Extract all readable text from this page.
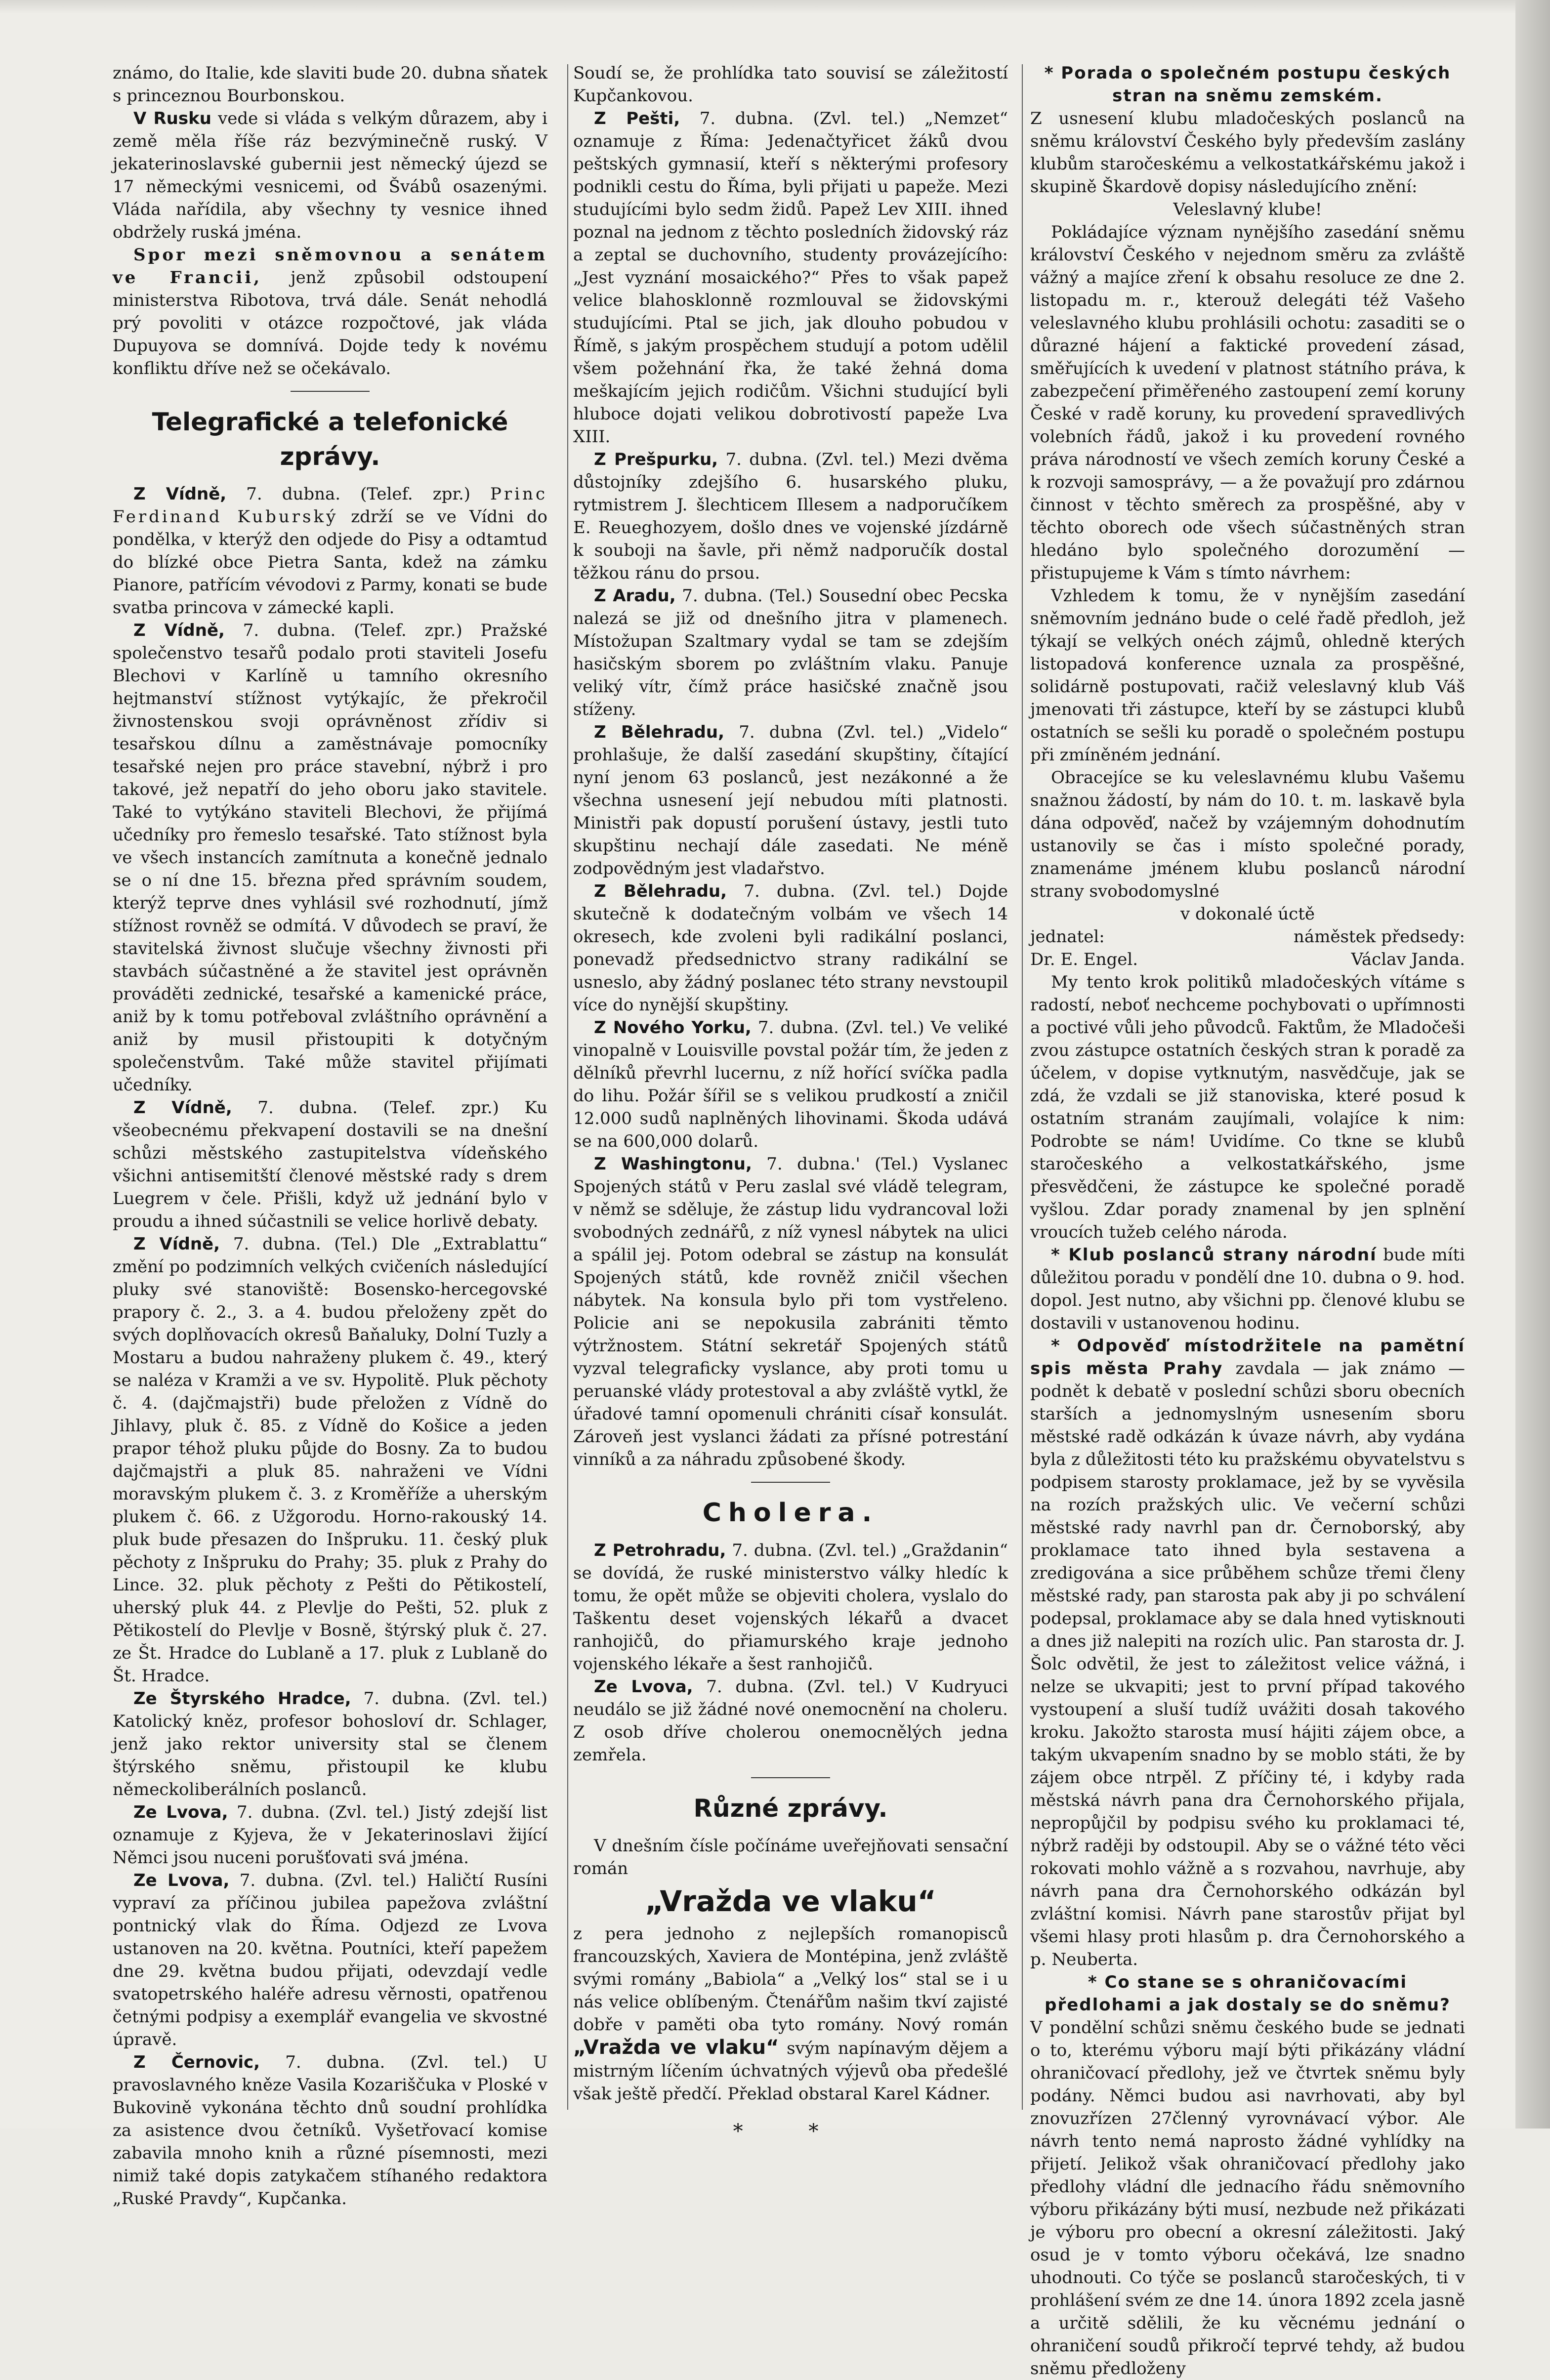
známo, do Italie, kde slaviti bude 20. dubna sňatek s princeznou Bourbonskou.

V Rusku vede si vláda s velkým důrazem, aby i země měla říše ráz bezvýminečně ruský. V jekaterinoslavské gubernii jest německý újezd se 17 německými vesnicemi, od Švábů osazenými. Vláda nařídila, aby všechny ty vesnice ihned obdržely ruská jména.

Spor mezi sněmovnou a senátem ve Francii, jenž způsobil odstoupení ministerstva Ribotova, trvá dále. Senát nehodlá prý povoliti v otázce rozpočtové, jak vláda Dupuyova se domnívá. Dojde tedy k novému konfliktu dříve než se očekávalo.

Telegrafické a telefonické zprávy.

Z Vídně, 7. dubna. (Telef. zpr.) Princ Ferdinand Kuburský zdrží se ve Vídni do pondělka, v kterýž den odjede do Pisy a odtamtud do blízké obce Pietra Santa, kdež na zámku Pianore, patřícím vévodovi z Parmy, konati se bude svatba princova v zámecké kapli.

Z Vídně, 7. dubna. (Telef. zpr.) Pražské společenstvo tesařů podalo proti staviteli Josefu Blechovi v Karlíně u tamního okresního hejtmanství stížnost vytýkajíc, že překročil živnostenskou svoji oprávněnost zřídiv si tesařskou dílnu a zaměstnávaje pomocníky tesařské nejen pro práce stavební, nýbrž i pro takové, jež nepatří do jeho oboru jako stavitele. Také to vytýkáno staviteli Blechovi, že přijímá učedníky pro řemeslo tesařské. Tato stížnost byla ve všech instancích zamítnuta a konečně jednalo se o ní dne 15. března před správním soudem, kterýž teprve dnes vyhlásil své rozhodnutí, jímž stížnost rovněž se odmítá. V důvodech se praví, že stavitelská živnost slučuje všechny živnosti při stavbách súčastněné a že stavitel jest oprávněn prováděti zednické, tesařské a kamenické práce, aniž by k tomu potřeboval zvláštního oprávnění a aniž by musil přistoupiti k dotyčným společenstvům. Také může stavitel přijímati učedníky.

Z Vídně, 7. dubna. (Telef. zpr.) Ku všeobecnému překvapení dostavili se na dnešní schůzi městského zastupitelstva vídeňského všichni antisemitští členové městské rady s drem Luegrem v čele. Přišli, když už jednání bylo v proudu a ihned súčastnili se velice horlivě debaty.

Z Vídně, 7. dubna. (Tel.) Dle „Extrablattu“ změní po podzimních velkých cvičeních následující pluky své stanoviště: Bosensko-hercegovské prapory č. 2., 3. a 4. budou přeloženy zpět do svých doplňovacích okresů Baňaluky, Dolní Tuzly a Mostaru a budou nahraženy plukem č. 49., který se naléza v Kramži a ve sv. Hypolitě. Pluk pěchoty č. 4. (dajčmajstři) bude přeložen z Vídně do Jihlavy, pluk č. 85. z Vídně do Košice a jeden prapor téhož pluku půjde do Bosny. Za to budou dajčmajstři a pluk 85. nahraženi ve Vídni moravským plukem č. 3. z Kroměříže a uherským plukem č. 66. z Užgorodu. Horno-rakouský 14. pluk bude přesazen do Inšpruku. 11. český pluk pěchoty z Inšpruku do Prahy; 35. pluk z Prahy do Lince. 32. pluk pěchoty z Pešti do Pětikostelí, uherský pluk 44. z Plevlje do Pešti, 52. pluk z Pětikostelí do Plevlje v Bosně, štýrský pluk č. 27. ze Št. Hradce do Lublaně a 17. pluk z Lublaně do Št. Hradce.

Ze Štyrského Hradce, 7. dubna. (Zvl. tel.) Katolický kněz, profesor bohosloví dr. Schlager, jenž jako rektor university stal se členem štýrského sněmu, přistoupil ke klubu německoliberálních poslanců.

Ze Lvova, 7. dubna. (Zvl. tel.) Jistý zdejší list oznamuje z Kyjeva, že v Jekaterinoslavi žijící Němci jsou nuceni porušťovati svá jména.

Ze Lvova, 7. dubna. (Zvl. tel.) Haličtí Rusíni vypraví za příčinou jubilea papežova zvláštní pontnický vlak do Říma. Odjezd ze Lvova ustanoven na 20. května. Poutníci, kteří papežem dne 29. května budou přijati, odevzdají vedle svatopetrského haléře adresu věrnosti, opatřenou četnými podpisy a exemplář evangelia ve skvostné úpravě.

Z Černovic, 7. dubna. (Zvl. tel.) U pravoslavného kněze Vasila Kozariščuka v Ploské v Bukovině vykonána těchto dnů soudní prohlídka za asistence dvou četníků. Vyšetřovací komise zabavila mnoho knih a různé písemnosti, mezi nimiž také dopis zatykačem stíhaného redaktora „Ruské Pravdy“, Kupčanka.

Soudí se, že prohlídka tato souvisí se záležitostí Kupčankovou.

Z Pešti, 7. dubna. (Zvl. tel.) „Nemzet“ oznamuje z Říma: Jedenačtyřicet žáků dvou peštských gymnasií, kteří s některými profesory podnikli cestu do Říma, byli přijati u papeže. Mezi studujícími bylo sedm židů. Papež Lev XIII. ihned poznal na jednom z těchto posledních židovský ráz a zeptal se duchovního, studenty provázejícího: „Jest vyznání mosaického?“ Přes to však papež velice blahosklonně rozmlouval se židovskými studujícími. Ptal se jich, jak dlouho pobudou v Římě, s jakým prospěchem studují a potom udělil všem požehnání řka, že také žehná doma meškajícím jejich rodičům. Všichni studující byli hluboce dojati velikou dobrotivostí papeže Lva XIII.

Z Prešpurku, 7. dubna. (Zvl. tel.) Mezi dvěma důstojníky zdejšího 6. husarského pluku, rytmistrem J. šlechticem Illesem a nadporučíkem E. Reueghozyem, došlo dnes ve vojenské jízdárně k souboji na šavle, při němž nadporučík dostal těžkou ránu do prsou.

Z Aradu, 7. dubna. (Tel.) Sousední obec Pecska nalezá se již od dnešního jitra v plamenech. Místožupan Szaltmary vydal se tam se zdejším hasičským sborem po zvláštním vlaku. Panuje veliký vítr, čímž práce hasičské značně jsou stíženy.

Z Bělehradu, 7. dubna (Zvl. tel.) „Videlo“ prohlašuje, že další zasedání skupštiny, čítající nyní jenom 63 poslanců, jest nezákonné a že všechna usnesení její nebudou míti platnosti. Ministři pak dopustí porušení ústavy, jestli tuto skupštinu nechají dále zasedati. Ne méně zodpovědným jest vladařstvo.

Z Bělehradu, 7. dubna. (Zvl. tel.) Dojde skutečně k dodatečným volbám ve všech 14 okresech, kde zvoleni byli radikální poslanci, ponevadž předsednictvo strany radikální se usneslo, aby žádný poslanec této strany nevstoupil více do nynější skupštiny.

Z Nového Yorku, 7. dubna. (Zvl. tel.) Ve veliké vinopalně v Louisville povstal požár tím, že jeden z dělníků převrhl lucernu, z níž hořící svíčka padla do lihu. Požár šířil se s velikou prudkostí a zničil 12.000 sudů naplněných lihovinami. Škoda udává se na 600,000 dolarů.

Z Washingtonu, 7. dubna.' (Tel.) Vyslanec Spojených států v Peru zaslal své vládě telegram, v němž se sděluje, že zástup lidu vydrancoval loži svobodných zednářů, z níž vynesl nábytek na ulici a spálil jej. Potom odebral se zástup na konsulát Spojených států, kde rovněž zničil všechen nábytek. Na konsula bylo při tom vystřeleno. Policie ani se nepokusila zabrániti těmto výtržnostem. Státní sekretář Spojených států vyzval telegraficky vyslance, aby proti tomu u peruanské vlády protestoval a aby zvláště vytkl, že úřadové tamní opomenuli chrániti císař konsulát. Zároveň jest vyslanci žádati za přísné potrestání vinníků a za náhradu způsobené škody.

Cholera.

Z Petrohradu, 7. dubna. (Zvl. tel.) „Graždanin“ se dovídá, že ruské ministerstvo války hledíc k tomu, že opět může se objeviti cholera, vyslalo do Taškentu deset vojenských lékařů a dvacet ranhojičů, do přiamurského kraje jednoho vojenského lékaře a šest ranhojičů.

Ze Lvova, 7. dubna. (Zvl. tel.) V Kudryuci neudálo se již žádné nové onemocnění na choleru. Z osob dříve cholerou onemocnělých jedna zemřela.

Různé zprávy.

V dnešním čísle počínáme uveřejňovati sensační román

„Vražda ve vlaku“

z pera jednoho z nejlepších romanopisců francouzských, Xaviera de Montépina, jenž zvláště svými romány „Babiola“ a „Velký los“ stal se i u nás velice oblíbeným. Čtenářům našim tkví zajisté dobře v paměti oba tyto romány. Nový román „Vražda ve vlaku“ svým napínavým dějem a mistrným líčením úchvatných výjevů oba předešlé však ještě předčí. Překlad obstaral Karel Kádner.

* *

* Porada o společném postupu českých stran na sněmu zemském.

Z usnesení klubu mladočeských poslanců na sněmu království Českého byly především zaslány klubům staročeskému a velkostatkářskému jakož i skupině Škardově dopisy následujícího znění:

Veleslavný klube!

Pokládajíce význam nynějšího zasedání sněmu království Českého v nejednom směru za zvláště vážný a majíce zření k obsahu resoluce ze dne 2. listopadu m. r., kterouž delegáti též Vašeho veleslavného klubu prohlásili ochotu: zasaditi se o důrazné hájení a faktické provedení zásad, směřujících k uvedení v platnost státního práva, k zabezpečení přiměřeného zastoupení zemí koruny České v radě koruny, ku provedení spravedlivých volebních řádů, jakož i ku provedení rovného práva národností ve všech zemích koruny České a k rozvoji samosprávy, — a že považují pro zdárnou činnost v těchto směrech za prospěšné, aby v těchto oborech ode všech súčastněných stran hledáno bylo společného dorozumění — přistupujeme k Vám s tímto návrhem:

Vzhledem k tomu, že v nynějším zasedání sněmovním jednáno bude o celé řadě předloh, jež týkají se velkých onéch zájmů, ohledně kterých listopadová konference uznala za prospěšné, solidárně postupovati, račiž veleslavný klub Váš jmenovati tři zástupce, kteří by se zástupci klubů ostatních se sešli ku poradě o společném postupu při zmíněném jednání.

Obracejíce se ku veleslavnému klubu Vašemu snažnou žádostí, by nám do 10. t. m. laskavě byla dána odpověď, načež by vzájemným dohodnutím ustanovily se čas i místo společné porady, znamenáme jménem klubu poslanců národní strany svobodomyslné

v dokonalé úctě

jednatel:	náměstek předsedy:
Dr. E. Engel.	Václav Janda.

My tento krok politiků mladočeských vítáme s radostí, neboť nechceme pochybovati o upřímnosti a poctivé vůli jeho původců. Faktům, že Mladočeši zvou zástupce ostatních českých stran k poradě za účelem, v dopise vytknutým, nasvědčuje, jak se zdá, že vzdali se již stanoviska, které posud k ostatním stranám zaujímali, volajíce k nim: Podrobte se nám! Uvidíme. Co tkne se klubů staročeského a velkostatkářského, jsme přesvědčeni, že zástupce ke společné poradě vyšlou. Zdar porady znamenal by jen splnění vroucích tužeb celého národa.

* Klub poslanců strany národní bude míti důležitou poradu v pondělí dne 10. dubna o 9. hod. dopol. Jest nutno, aby všichni pp. členové klubu se dostavili v ustanovenou hodinu.

* Odpověď místodržitele na pamětní spis města Prahy zavdala — jak známo — podnět k debatě v poslední schůzi sboru obecních starších a jednomyslným usnesením sboru městské radě odkázán k úvaze návrh, aby vydána byla z důležitosti této ku pražskému obyvatelstvu s podpisem starosty proklamace, jež by se vyvěsila na rozích pražských ulic. Ve večerní schůzi městské rady navrhl pan dr. Černoborský, aby proklamace tato ihned byla sestavena a zredigována a sice průběhem schůze třemi členy městské rady, pan starosta pak aby ji po schválení podepsal, proklamace aby se dala hned vytisknouti a dnes již nalepiti na rozích ulic. Pan starosta dr. J. Šolc odvětil, že jest to záležitost velice vážná, i nelze se ukvapiti; jest to první případ takového vystoupení a sluší tudíž uvážiti dosah takového kroku. Jakožto starosta musí hájiti zájem obce, a takým ukvapením snadno by se moblo státi, že by zájem obce ntrpěl. Z příčiny té, i kdyby rada městská návrh pana dra Černohorského přijala, nepropůjčil by podpisu svého ku proklamaci té, nýbrž raději by odstoupil. Aby se o vážné této věci rokovati mohlo vážně a s rozvahou, navrhuje, aby návrh pana dra Černohorského odkázán byl zvláštní komisi. Návrh pane starostův přijat byl všemi hlasy proti hlasům p. dra Černohorského a p. Neuberta.

* Co stane se s ohraničovacími předlohami a jak dostaly se do sněmu?

V pondělní schůzi sněmu českého bude se jednati o to, kterému výboru mají býti přikázány vládní ohraničovací předlohy, jež ve čtvrtek sněmu byly podány. Němci budou asi navrhovati, aby byl znovuzřízen 27členný vyrovnávací výbor. Ale návrh tento nemá naprosto žádné vyhlídky na přijetí. Jelikož však ohraničovací předlohy jako předlohy vládní dle jednacího řádu sněmovního výboru přikázány býti musí, nezbude než přikázati je výboru pro obecní a okresní záležitosti. Jaký osud je v tomto výboru očekává, lze snadno uhodnouti. Co týče se poslanců staročeských, ti v prohlášení svém ze dne 14. února 1892 zcela jasně a určitě sdělili, že ku věcnému jednání o ohraničení soudů přikročí teprvé tehdy, až budou sněmu předloženy
